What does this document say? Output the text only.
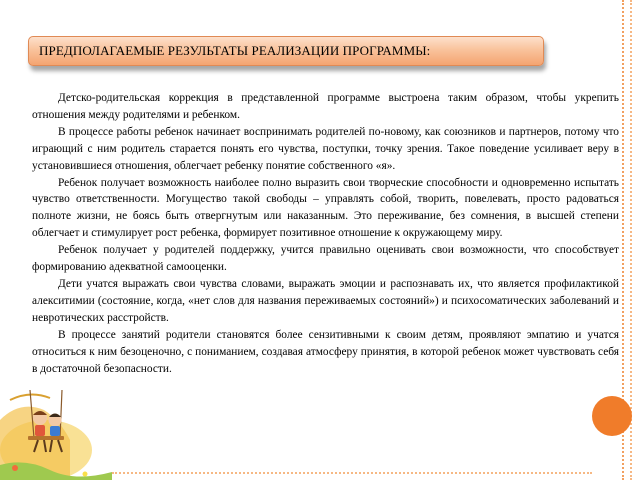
ПРЕДПОЛАГАЕМЫЕ РЕЗУЛЬТАТЫ РЕАЛИЗАЦИИ ПРОГРАММЫ:

Детско-родительская коррекция в представленной программе выстроена таким образом, чтобы укрепить отношения между родителями и ребенком.

В процессе работы ребенок начинает воспринимать родителей по-новому, как союзников и партнеров, потому что играющий с ним родитель старается понять его чувства, поступки, точку зрения. Такое поведение усиливает веру в установившиеся отношения, облегчает ребенку понятие собственного «я».

Ребенок получает возможность наиболее полно выразить свои творческие способности и одновременно испытать чувство ответственности. Могущество такой свободы – управлять собой, творить, повелевать, просто радоваться полноте жизни, не боясь быть отвергнутым или наказанным. Это переживание, без сомнения, в высшей степени облегчает и стимулирует рост ребенка, формирует позитивное отношение к окружающему миру.

Ребенок получает у родителей поддержку, учится правильно оценивать свои возможности, что способствует формированию адекватной самооценки.

Дети учатся выражать свои чувства словами, выражать эмоции и распознавать их, что является профилактикой алекситимии (состояние, когда, «нет слов для названия переживаемых состояний») и психосоматических заболеваний и невротических расстройств.

В процессе занятий родители становятся более сензитивными к своим детям, проявляют эмпатию и учатся относиться к ним безоценочно, с пониманием, создавая атмосферу принятия, в которой ребенок может чувствовать себя в достаточной безопасности.
